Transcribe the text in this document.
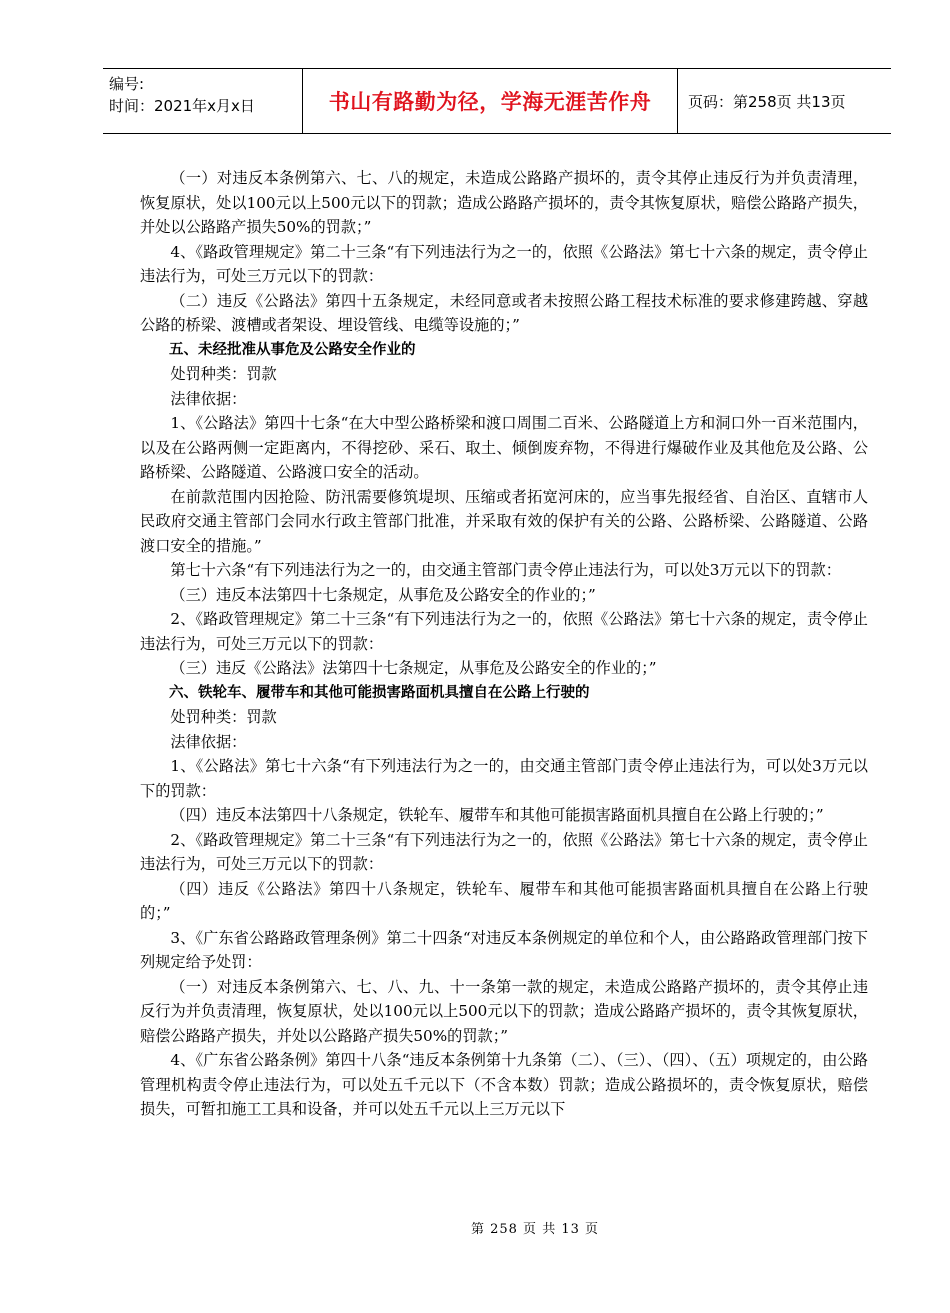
编号:
时间：2021年x月x日	书山有路勤为径，学海无涯苦作舟	页码：第258页 共13页

（一）对违反本条例第六、七、八的规定，未造成公路路产损坏的，责令其停止违反行为并负责清理，恢复原状，处以100元以上500元以下的罚款；造成公路路产损坏的，责令其恢复原状，赔偿公路路产损失，并处以公路路产损失50%的罚款；”

4、《路政管理规定》第二十三条“有下列违法行为之一的，依照《公路法》第七十六条的规定，责令停止违法行为，可处三万元以下的罚款：

（二）违反《公路法》第四十五条规定，未经同意或者未按照公路工程技术标准的要求修建跨越、穿越公路的桥梁、渡槽或者架设、埋设管线、电缆等设施的；”

五、未经批准从事危及公路安全作业的

处罚种类：罚款

法律依据：

1、《公路法》第四十七条“在大中型公路桥梁和渡口周围二百米、公路隧道上方和洞口外一百米范围内，以及在公路两侧一定距离内，不得挖砂、采石、取土、倾倒废弃物，不得进行爆破作业及其他危及公路、公路桥梁、公路隧道、公路渡口安全的活动。

在前款范围内因抢险、防汛需要修筑堤坝、压缩或者拓宽河床的，应当事先报经省、自治区、直辖市人民政府交通主管部门会同水行政主管部门批准，并采取有效的保护有关的公路、公路桥梁、公路隧道、公路渡口安全的措施。”

第七十六条“有下列违法行为之一的，由交通主管部门责令停止违法行为，可以处3万元以下的罚款：

（三）违反本法第四十七条规定，从事危及公路安全的作业的；”

2、《路政管理规定》第二十三条“有下列违法行为之一的，依照《公路法》第七十六条的规定，责令停止违法行为，可处三万元以下的罚款：

（三）违反《公路法》法第四十七条规定，从事危及公路安全的作业的；”

六、铁轮车、履带车和其他可能损害路面机具擅自在公路上行驶的

处罚种类：罚款

法律依据：

1、《公路法》第七十六条“有下列违法行为之一的，由交通主管部门责令停止违法行为，可以处3万元以下的罚款：

（四）违反本法第四十八条规定，铁轮车、履带车和其他可能损害路面机具擅自在公路上行驶的；”

2、《路政管理规定》第二十三条“有下列违法行为之一的，依照《公路法》第七十六条的规定，责令停止违法行为，可处三万元以下的罚款：

（四）违反《公路法》第四十八条规定，铁轮车、履带车和其他可能损害路面机具擅自在公路上行驶的；”

3、《广东省公路路政管理条例》第二十四条“对违反本条例规定的单位和个人，由公路路政管理部门按下列规定给予处罚：

（一）对违反本条例第六、七、八、九、十一条第一款的规定，未造成公路路产损坏的，责令其停止违反行为并负责清理，恢复原状，处以100元以上500元以下的罚款；造成公路路产损坏的，责令其恢复原状，赔偿公路路产损失，并处以公路路产损失50%的罚款；”

4、《广东省公路条例》第四十八条“违反本条例第十九条第（二）、（三）、（四）、（五）项规定的，由公路管理机构责令停止违法行为，可以处五千元以下（不含本数）罚款；造成公路损坏的，责令恢复原状，赔偿损失，可暂扣施工工具和设备，并可以处五千元以上三万元以下

第 258 页 共 13 页
